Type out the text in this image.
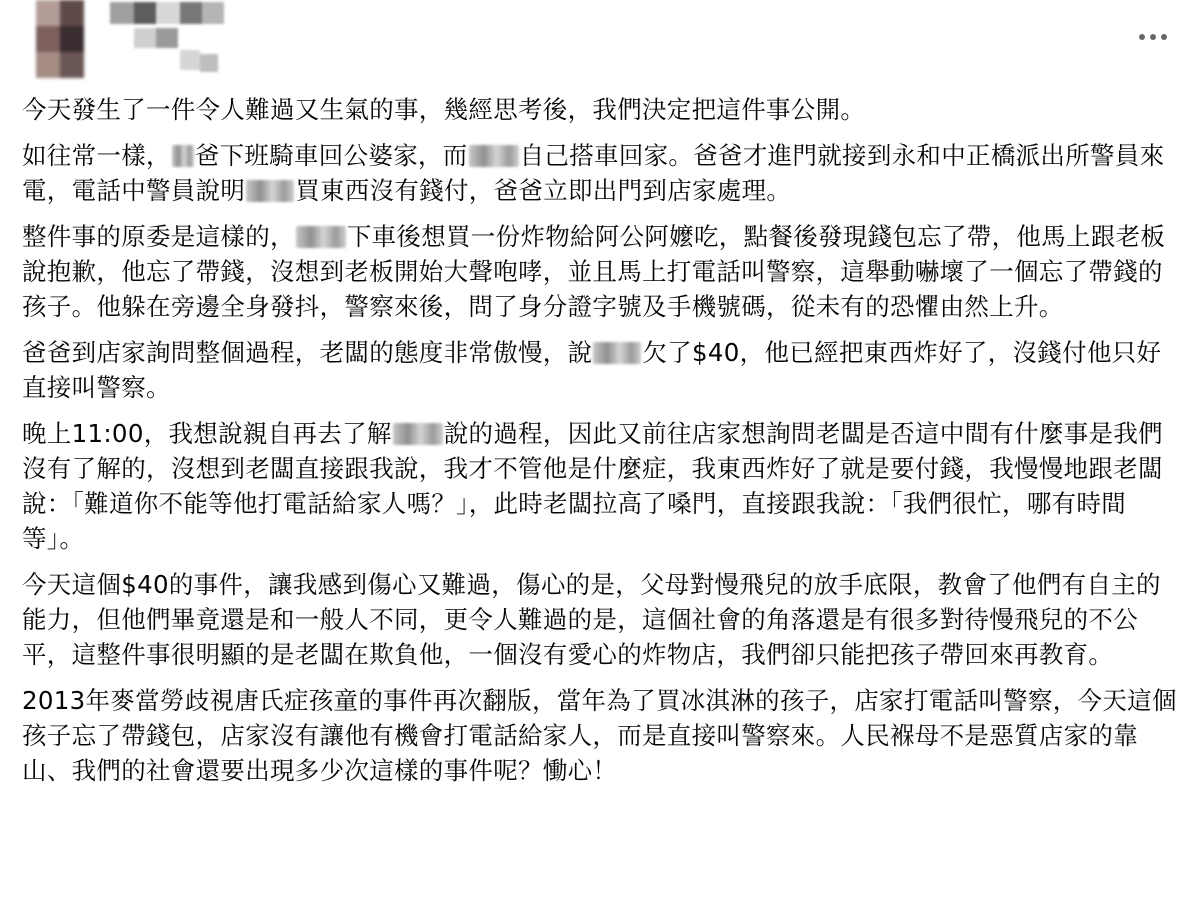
今天發生了一件令人難過又生氣的事，幾經思考後，我們決定把這件事公開。

如往常一樣， 爸下班騎車回公婆家，而 自己搭車回家。爸爸才進門就接到永和中正橋派出所警員來電，電話中警員說明 買東西沒有錢付，爸爸立即出門到店家處理。

整件事的原委是這樣的， 下車後想買一份炸物給阿公阿嬤吃，點餐後發現錢包忘了帶，他馬上跟老板說抱歉，他忘了帶錢，沒想到老板開始大聲咆哮，並且馬上打電話叫警察，這舉動嚇壞了一個忘了帶錢的孩子。他躲在旁邊全身發抖，警察來後，問了身分證字號及手機號碼，從未有的恐懼由然上升。

爸爸到店家詢問整個過程，老闆的態度非常傲慢，說 欠了$40，他已經把東西炸好了，沒錢付他只好直接叫警察。

晚上11:00，我想說親自再去了解 說的過程，因此又前往店家想詢問老闆是否這中間有什麼事是我們沒有了解的，沒想到老闆直接跟我說，我才不管他是什麼症，我東西炸好了就是要付錢，我慢慢地跟老闆說：「難道你不能等他打電話給家人嗎？」，此時老闆拉高了嗓門，直接跟我說：「我們很忙，哪有時間等」。

今天這個$40的事件，讓我感到傷心又難過，傷心的是，父母對慢飛兒的放手底限，教會了他們有自主的能力，但他們畢竟還是和一般人不同，更令人難過的是，這個社會的角落還是有很多對待慢飛兒的不公平，這整件事很明顯的是老闆在欺負他，一個沒有愛心的炸物店，我們卻只能把孩子帶回來再教育。

2013年麥當勞歧視唐氏症孩童的事件再次翻版，當年為了買冰淇淋的孩子，店家打電話叫警察，今天這個孩子忘了帶錢包，店家沒有讓他有機會打電話給家人，而是直接叫警察來。人民褓母不是惡質店家的靠山、我們的社會還要出現多少次這樣的事件呢？慟心！
